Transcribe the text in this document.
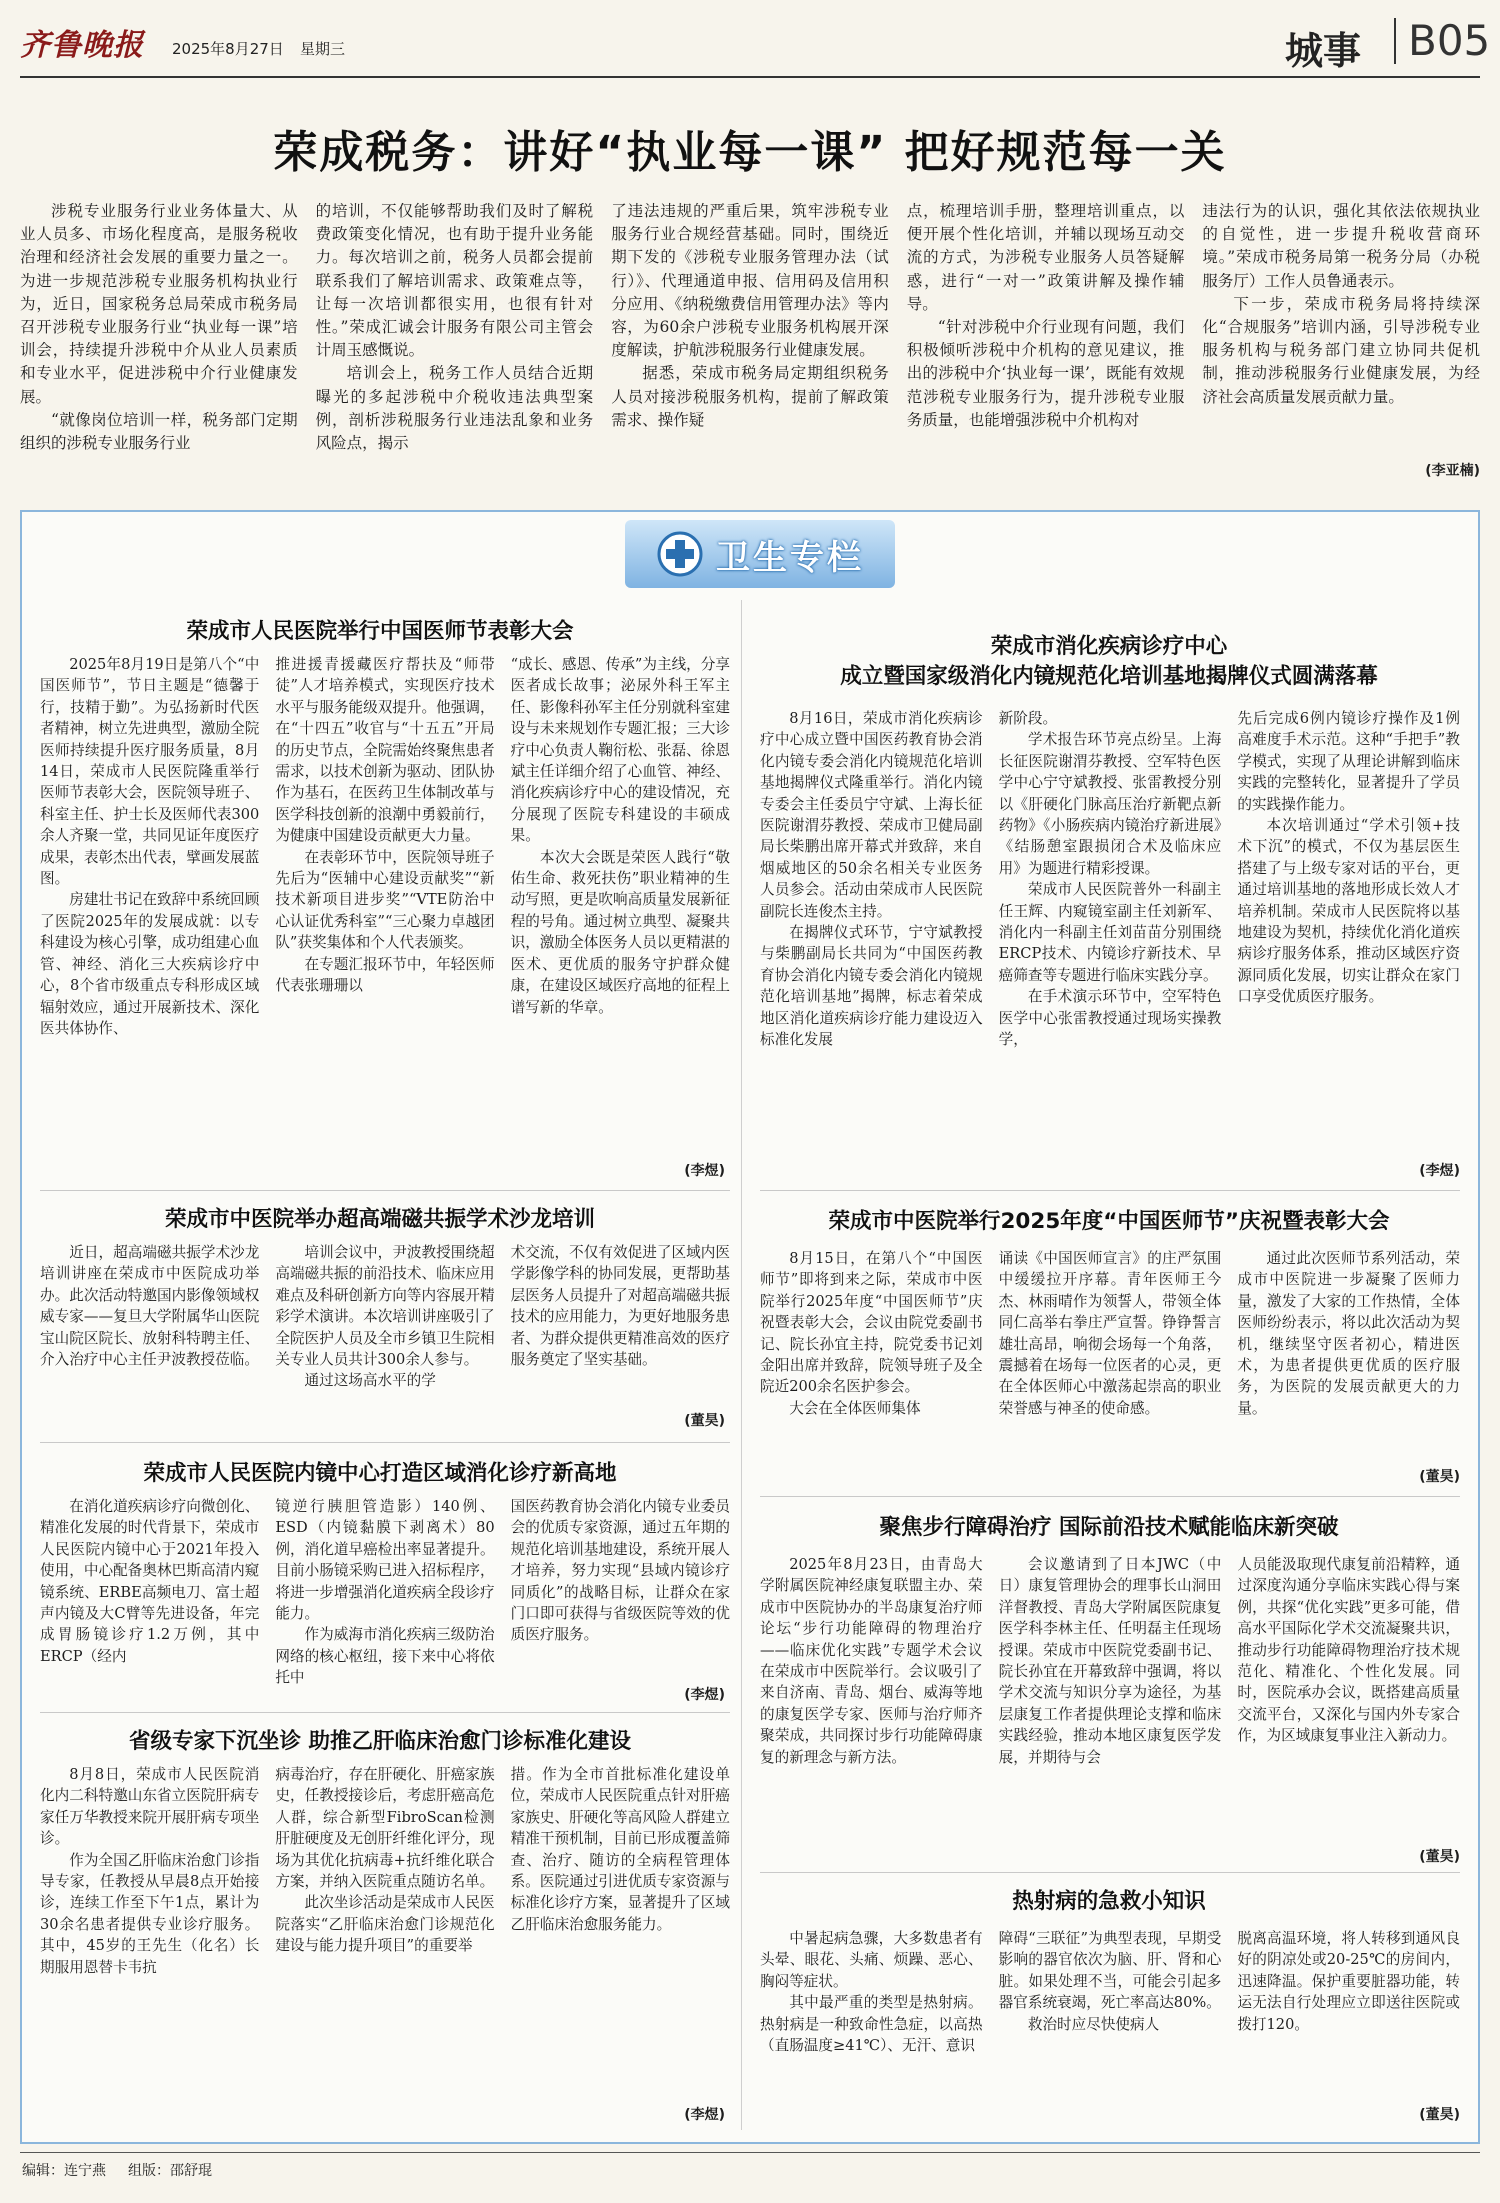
齐鲁晚报 2025年8月27日 星期三	城事	B05
荣成税务：讲好“执业每一课” 把好规范每一关

涉税专业服务行业业务体量大、从业人员多、市场化程度高，是服务税收治理和经济社会发展的重要力量之一。为进一步规范涉税专业服务机构执业行为，近日，国家税务总局荣成市税务局召开涉税专业服务行业“执业每一课”培训会，持续提升涉税中介从业人员素质和专业水平，促进涉税中介行业健康发展。

“就像岗位培训一样，税务部门定期组织的涉税专业服务行业

的培训，不仅能够帮助我们及时了解税费政策变化情况，也有助于提升业务能力。每次培训之前，税务人员都会提前联系我们了解培训需求、政策难点等，让每一次培训都很实用，也很有针对性。”荣成汇诚会计服务有限公司主管会计周玉感慨说。

培训会上，税务工作人员结合近期曝光的多起涉税中介税收违法典型案例，剖析涉税服务行业违法乱象和业务风险点，揭示

了违法违规的严重后果，筑牢涉税专业服务行业合规经营基础。同时，围绕近期下发的《涉税专业服务管理办法（试行）》、代理通道申报、信用码及信用积分应用、《纳税缴费信用管理办法》等内容，为60余户涉税专业服务机构展开深度解读，护航涉税服务行业健康发展。

据悉，荣成市税务局定期组织税务人员对接涉税服务机构，提前了解政策需求、操作疑

点，梳理培训手册，整理培训重点，以便开展个性化培训，并辅以现场互动交流的方式，为涉税专业服务人员答疑解惑，进行“一对一”政策讲解及操作辅导。

“针对涉税中介行业现有问题，我们积极倾听涉税中介机构的意见建议，推出的涉税中介‘执业每一课’，既能有效规范涉税专业服务行为，提升涉税专业服务质量，也能增强涉税中介机构对

违法行为的认识，强化其依法依规执业的自觉性，进一步提升税收营商环境。”荣成市税务局第一税务分局（办税服务厅）工作人员鲁通表示。

下一步，荣成市税务局将持续深化“合规服务”培训内涵，引导涉税专业服务机构与税务部门建立协同共促机制，推动涉税服务行业健康发展，为经济社会高质量发展贡献力量。

(李亚楠)
卫生专栏
荣成市人民医院举行中国医师节表彰大会

2025年8月19日是第八个“中国医师节”，节日主题是“德馨于行，技精于勤”。为弘扬新时代医者精神，树立先进典型，激励全院医师持续提升医疗服务质量，8月14日，荣成市人民医院隆重举行医师节表彰大会，医院领导班子、科室主任、护士长及医师代表300余人齐聚一堂，共同见证年度医疗成果，表彰杰出代表，擘画发展蓝图。

房建壮书记在致辞中系统回顾了医院2025年的发展成就：以专科建设为核心引擎，成功组建心血管、神经、消化三大疾病诊疗中心，8个省市级重点专科形成区域辐射效应，通过开展新技术、深化医共体协作、

推进援青援藏医疗帮扶及“师带徒”人才培养模式，实现医疗技术水平与服务能级双提升。他强调，在“十四五”收官与“十五五”开局的历史节点，全院需始终聚焦患者需求，以技术创新为驱动、团队协作为基石，在医药卫生体制改革与医学科技创新的浪潮中勇毅前行，为健康中国建设贡献更大力量。

在表彰环节中，医院领导班子先后为“医辅中心建设贡献奖”“新技术新项目进步奖”“VTE防治中心认证优秀科室”“三心聚力卓越团队”获奖集体和个人代表颁奖。

在专题汇报环节中，年轻医师代表张珊珊以

“成长、感恩、传承”为主线，分享医者成长故事；泌尿外科王军主任、影像科孙军主任分别就科室建设与未来规划作专题汇报；三大诊疗中心负责人鞠衍松、张磊、徐恩斌主任详细介绍了心血管、神经、消化疾病诊疗中心的建设情况，充分展现了医院专科建设的丰硕成果。

本次大会既是荣医人践行“敬佑生命、救死扶伤”职业精神的生动写照，更是吹响高质量发展新征程的号角。通过树立典型、凝聚共识，激励全体医务人员以更精湛的医术、更优质的服务守护群众健康，在建设区域医疗高地的征程上谱写新的华章。

(李煜)
荣成市中医院举办超高端磁共振学术沙龙培训

近日，超高端磁共振学术沙龙培训讲座在荣成市中医院成功举办。此次活动特邀国内影像领域权威专家——复旦大学附属华山医院宝山院区院长、放射科特聘主任、介入治疗中心主任尹波教授莅临。

培训会议中，尹波教授围绕超高端磁共振的前沿技术、临床应用难点及科研创新方向等内容展开精彩学术演讲。本次培训讲座吸引了全院医护人员及全市乡镇卫生院相关专业人员共计300余人参与。

通过这场高水平的学

术交流，不仅有效促进了区域内医学影像学科的协同发展，更帮助基层医务人员提升了对超高端磁共振技术的应用能力，为更好地服务患者、为群众提供更精准高效的医疗服务奠定了坚实基础。

(董昊)
荣成市人民医院内镜中心打造区域消化诊疗新高地

在消化道疾病诊疗向微创化、精准化发展的时代背景下，荣成市人民医院内镜中心于2021年投入使用，中心配备奥林巴斯高清内窥镜系统、ERBE高频电刀、富士超声内镜及大C臂等先进设备，年完成胃肠镜诊疗1.2万例，其中ERCP（经内

镜逆行胰胆管造影）140例、ESD（内镜黏膜下剥离术）80例，消化道早癌检出率显著提升。目前小肠镜采购已进入招标程序，将进一步增强消化道疾病全段诊疗能力。

作为威海市消化疾病三级防治网络的核心枢纽，接下来中心将依托中

国医药教育协会消化内镜专业委员会的优质专家资源，通过五年期的规范化培训基地建设，系统开展人才培养，努力实现“县域内镜诊疗同质化”的战略目标，让群众在家门口即可获得与省级医院等效的优质医疗服务。

(李煜)
省级专家下沉坐诊 助推乙肝临床治愈门诊标准化建设

8月8日，荣成市人民医院消化内二科特邀山东省立医院肝病专家任万华教授来院开展肝病专项坐诊。

作为全国乙肝临床治愈门诊指导专家，任教授从早晨8点开始接诊，连续工作至下午1点，累计为30余名患者提供专业诊疗服务。其中，45岁的王先生（化名）长期服用恩替卡韦抗

病毒治疗，存在肝硬化、肝癌家族史，任教授接诊后，考虑肝癌高危人群，综合新型FibroScan检测肝脏硬度及无创肝纤维化评分，现场为其优化抗病毒+抗纤维化联合方案，并纳入医院重点随访名单。

此次坐诊活动是荣成市人民医院落实“乙肝临床治愈门诊规范化建设与能力提升项目”的重要举

措。作为全市首批标准化建设单位，荣成市人民医院重点针对肝癌家族史、肝硬化等高风险人群建立精准干预机制，目前已形成覆盖筛查、治疗、随访的全病程管理体系。医院通过引进优质专家资源与标准化诊疗方案，显著提升了区域乙肝临床治愈服务能力。

(李煜)
荣成市消化疾病诊疗中心
成立暨国家级消化内镜规范化培训基地揭牌仪式圆满落幕

8月16日，荣成市消化疾病诊疗中心成立暨中国医药教育协会消化内镜专委会消化内镜规范化培训基地揭牌仪式隆重举行。消化内镜专委会主任委员宁守斌、上海长征医院谢渭芬教授、荣成市卫健局副局长柴鹏出席开幕式并致辞，来自烟威地区的50余名相关专业医务人员参会。活动由荣成市人民医院副院长连俊杰主持。

在揭牌仪式环节，宁守斌教授与柴鹏副局长共同为“中国医药教育协会消化内镜专委会消化内镜规范化培训基地”揭牌，标志着荣成地区消化道疾病诊疗能力建设迈入标准化发展

新阶段。

学术报告环节亮点纷呈。上海长征医院谢渭芬教授、空军特色医学中心宁守斌教授、张雷教授分别以《肝硬化门脉高压治疗新靶点新药物》《小肠疾病内镜治疗新进展》《结肠憩室跟损闭合术及临床应用》为题进行精彩授课。

荣成市人民医院普外一科副主任王辉、内窥镜室副主任刘新军、消化内一科副主任刘苗苗分别围绕ERCP技术、内镜诊疗新技术、早癌筛查等专题进行临床实践分享。

在手术演示环节中，空军特色医学中心张雷教授通过现场实操教学，

先后完成6例内镜诊疗操作及1例高难度手术示范。这种“手把手”教学模式，实现了从理论讲解到临床实践的完整转化，显著提升了学员的实践操作能力。

本次培训通过“学术引领+技术下沉”的模式，不仅为基层医生搭建了与上级专家对话的平台，更通过培训基地的落地形成长效人才培养机制。荣成市人民医院将以基地建设为契机，持续优化消化道疾病诊疗服务体系，推动区域医疗资源同质化发展，切实让群众在家门口享受优质医疗服务。

(李煜)
荣成市中医院举行2025年度“中国医师节”庆祝暨表彰大会

8月15日，在第八个“中国医师节”即将到来之际，荣成市中医院举行2025年度“中国医师节”庆祝暨表彰大会，会议由院党委副书记、院长孙宜主持，院党委书记刘金阳出席并致辞，院领导班子及全院近200余名医护参会。

大会在全体医师集体

诵读《中国医师宣言》的庄严氛围中缓缓拉开序幕。青年医师王今杰、林雨晴作为领誓人，带领全体同仁高举右拳庄严宣誓。铮铮誓言雄壮高昂，响彻会场每一个角落，震撼着在场每一位医者的心灵，更在全体医师心中激荡起崇高的职业荣誉感与神圣的使命感。

通过此次医师节系列活动，荣成市中医院进一步凝聚了医师力量，激发了大家的工作热情，全体医师纷纷表示，将以此次活动为契机，继续坚守医者初心，精进医术，为患者提供更优质的医疗服务，为医院的发展贡献更大的力量。

(董昊)
聚焦步行障碍治疗 国际前沿技术赋能临床新突破

2025年8月23日，由青岛大学附属医院神经康复联盟主办、荣成市中医院协办的半岛康复治疗师论坛“步行功能障碍的物理治疗——临床优化实践”专题学术会议在荣成市中医院举行。会议吸引了来自济南、青岛、烟台、威海等地的康复医学专家、医师与治疗师齐聚荣成，共同探讨步行功能障碍康复的新理念与新方法。

会议邀请到了日本JWC（中日）康复管理协会的理事长山洞田洋督教授、青岛大学附属医院康复医学科李林主任、任明磊主任现场授课。荣成市中医院党委副书记、院长孙宜在开幕致辞中强调，将以学术交流与知识分享为途径，为基层康复工作者提供理论支撑和临床实践经验，推动本地区康复医学发展，并期待与会

人员能汲取现代康复前沿精粹，通过深度沟通分享临床实践心得与案例，共探“优化实践”更多可能，借高水平国际化学术交流凝聚共识，推动步行功能障碍物理治疗技术规范化、精准化、个性化发展。同时，医院承办会议，既搭建高质量交流平台，又深化与国内外专家合作，为区域康复事业注入新动力。

(董昊)
热射病的急救小知识

中暑起病急骤，大多数患者有头晕、眼花、头痛、烦躁、恶心、胸闷等症状。

其中最严重的类型是热射病。热射病是一种致命性急症，以高热（直肠温度≥41℃）、无汗、意识

障碍“三联征”为典型表现，早期受影响的器官依次为脑、肝、肾和心脏。如果处理不当，可能会引起多器官系统衰竭，死亡率高达80%。

救治时应尽快使病人

脱离高温环境，将人转移到通风良好的阴凉处或20-25℃的房间内，迅速降温。保护重要脏器功能，转运无法自行处理应立即送往医院或拨打120。

(董昊)
编辑：连宁燕 组版：邵舒琨
